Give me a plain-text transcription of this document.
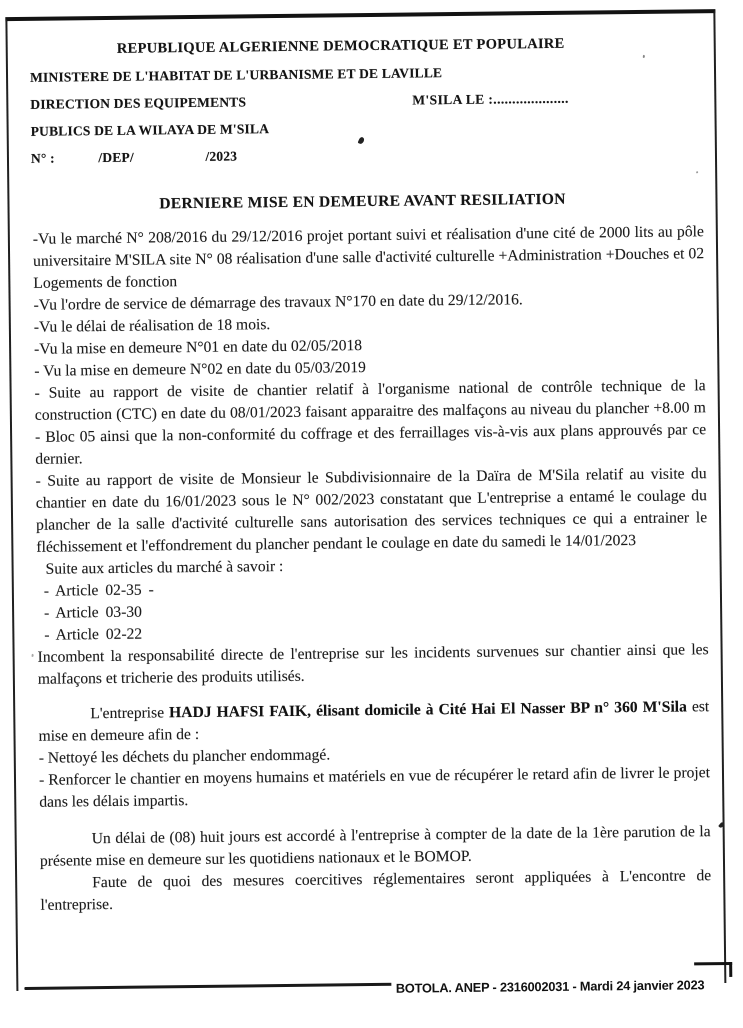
REPUBLIQUE ALGERIENNE DEMOCRATIQUE ET POPULAIRE
MINISTERE DE L'HABITAT DE L'URBANISME ET DE LAVILLE
DIRECTION DES EQUIPEMENTS	M'SILA LE :....................
PUBLICS DE LA WILAYA DE M'SILA
N° :	/DEP/	/2023
DERNIERE MISE EN DEMEURE AVANT RESILIATION

-Vu le marché N° 208/2016 du 29/12/2016 projet portant suivi et réalisation d'une cité de 2000 lits au pôle universitaire M'SILA site N° 08 réalisation d'une salle d'activité culturelle +Administration +Douches et 02 Logements de fonction

-Vu l'ordre de service de démarrage des travaux N°170 en date du 29/12/2016.

-Vu le délai de réalisation de 18 mois.

-Vu la mise en demeure N°01 en date du 02/05/2018

- Vu la mise en demeure N°02 en date du 05/03/2019

- Suite au rapport de visite de chantier relatif à l'organisme national de contrôle technique de la construction (CTC) en date du 08/01/2023 faisant apparaitre des malfaçons au niveau du plancher +8.00 m - Bloc 05 ainsi que la non-conformité du coffrage et des ferraillages vis-à-vis aux plans approuvés par ce dernier.

- Suite au rapport de visite de Monsieur le Subdivisionnaire de la Daïra de M'Sila relatif au visite du chantier en date du 16/01/2023 sous le N° 002/2023 constatant que L'entreprise a entamé le coulage du plancher de la salle d'activité culturelle sans autorisation des services techniques ce qui a entrainer le fléchissement et l'effondrement du plancher pendant le coulage en date du samedi le 14/01/2023

Suite aux articles du marché à savoir :

- Article 02-35 -

- Article 03-30

- Article 02-22

Incombent la responsabilité directe de l'entreprise sur les incidents survenues sur chantier ainsi que les malfaçons et tricherie des produits utilisés.

L'entreprise HADJ HAFSI FAIK, élisant domicile à Cité Hai El Nasser BP n° 360 M'Sila est mise en demeure afin de :

- Nettoyé les déchets du plancher endommagé.

- Renforcer le chantier en moyens humains et matériels en vue de récupérer le retard afin de livrer le projet dans les délais impartis.

Un délai de (08) huit jours est accordé à l'entreprise à compter de la date de la 1ère parution de la présente mise en demeure sur les quotidiens nationaux et le BOMOP.

Faute de quoi des mesures coercitives réglementaires seront appliquées à L'encontre de l'entreprise.

BOTOLA. ANEP - 2316002031 - Mardi 24 janvier 2023
